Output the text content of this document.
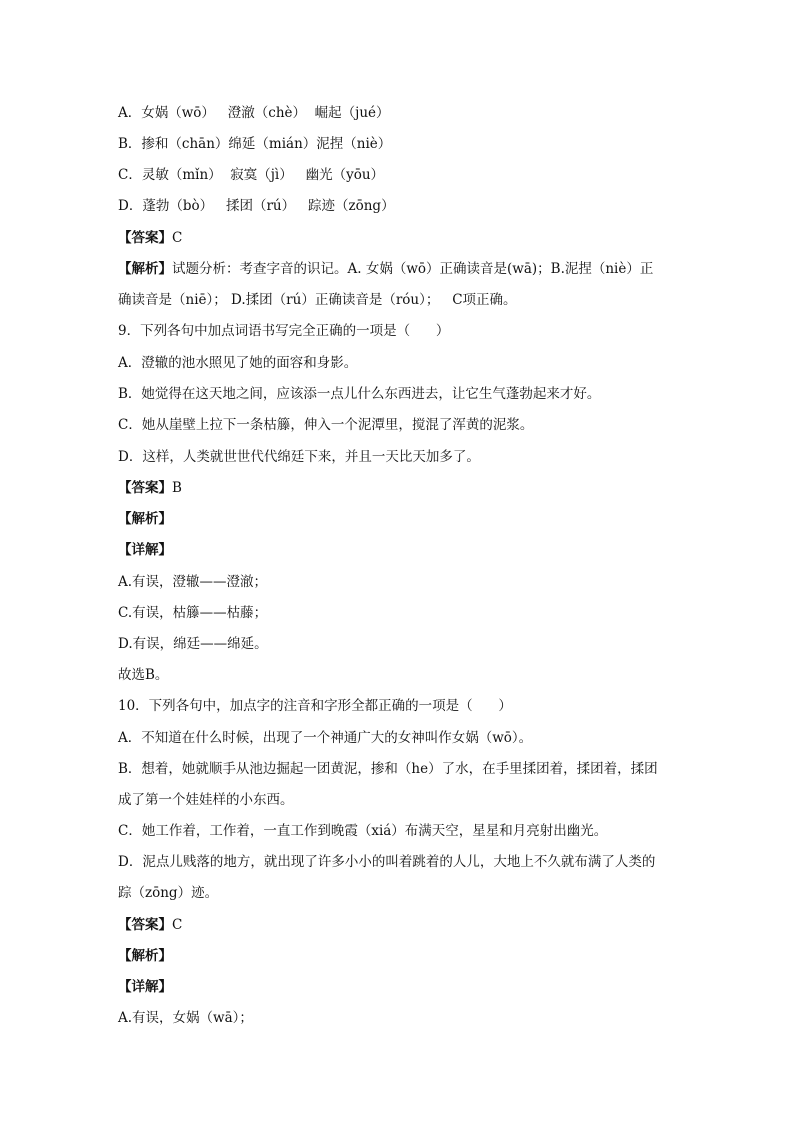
A．女娲（wō）   澄澈（chè）  崛起（jué）
B．掺和（chān）绵延（mián）泥捏（niè）
C．灵敏（mǐn）  寂寞（jì）   幽光（yōu）
D．蓬勃（bò）   揉团（rú）   踪迹（zōng）
【答案】C
【解析】试题分析：考查字音的识记。A. 女娲（wō）正确读音是(wā)；B.泥捏（niè）正
确读音是（niē）； D.揉团（rú）正确读音是（róu）；   C项正确。
9．下列各句中加点词语书写完全正确的一项是（      ）
A．澄辙的池水照见了她的面容和身影。
B．她觉得在这天地之间，应该添一点儿什么东西进去，让它生气蓬勃起来才好。
C．她从崖壁上拉下一条枯籐，伸入一个泥潭里，搅混了浑黄的泥浆。
D．这样，人类就世世代代绵廷下来，并且一天比天加多了。
【答案】B
【解析】
【详解】
A.有误，澄辙——澄澈；
C.有误，枯籐——枯藤；
D.有误，绵廷——绵延。
故选B。
10．下列各句中，加点字的注音和字形全都正确的一项是（      ）
A．不知道在什么时候，出现了一个神通广大的女神叫作女娲（wō）。
B．想着，她就顺手从池边掘起一团黄泥，掺和（he）了水，在手里揉团着，揉团着，揉团
成了第一个娃娃样的小东西。
C．她工作着，工作着，一直工作到晚霞（xiá）布满天空，星星和月亮射出幽光。
D．泥点儿贱落的地方，就出现了许多小小的叫着跳着的人儿，大地上不久就布满了人类的
踪（zōng）迹。
【答案】C
【解析】
【详解】
A.有误，女娲（wā）；
